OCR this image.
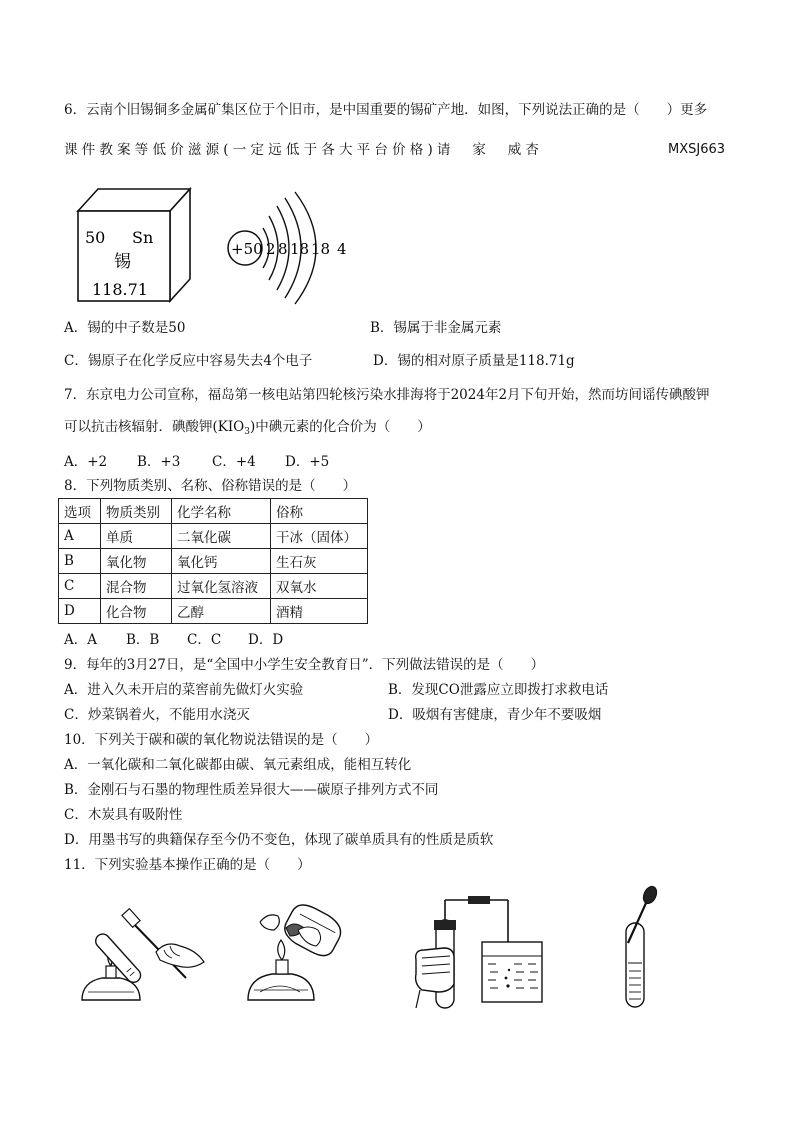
6．云南个旧锡铜多金属矿集区位于个旧市，是中国重要的锡矿产地．如图，下列说法正确的是（　　）更多
课件教案等低价滋源(一定远低于各大平台价格)请　家　威杏	MXSJ663
50 Sn
锡
118.71
+50 2 8 18 18 4
A．锡的中子数是50	B．锡属于非金属元素
C．锡原子在化学反应中容易失去4个电子	D．锡的相对原子质量是118.71g
7．东京电力公司宣称，福岛第一核电站第四轮核污染水排海将于2024年2月下旬开始，然而坊间谣传碘酸钾
可以抗击核辐射．碘酸钾$(KIO_3)$中碘元素的化合价为（　　）
A．+2 B．+3 C．+4 D．+5
8．下列物质类别、名称、俗称错误的是（　　）
选项	物质类别	化学名称	俗称
A	单质	二氧化碳	干冰（固体）
B	氧化物	氧化钙	生石灰
C	混合物	过氧化氢溶液	双氧水
D	化合物	乙醇	酒精
A．A B．B C．C D．D
9．每年的3月27日，是“全国中小学生安全教育日”．下列做法错误的是（　　）
A．进入久未开启的菜窖前先做灯火实验	B．发现CO泄露应立即拨打求救电话
C．炒菜锅着火，不能用水浇灭	D．吸烟有害健康，青少年不要吸烟
10．下列关于碳和碳的氧化物说法错误的是（　　）
A．一氧化碳和二氧化碳都由碳、氧元素组成，能相互转化
B．金刚石与石墨的物理性质差异很大——碳原子排列方式不同
C．木炭具有吸附性
D．用墨书写的典籍保存至今仍不变色，体现了碳单质具有的性质是质软
11．下列实验基本操作正确的是（　　）
